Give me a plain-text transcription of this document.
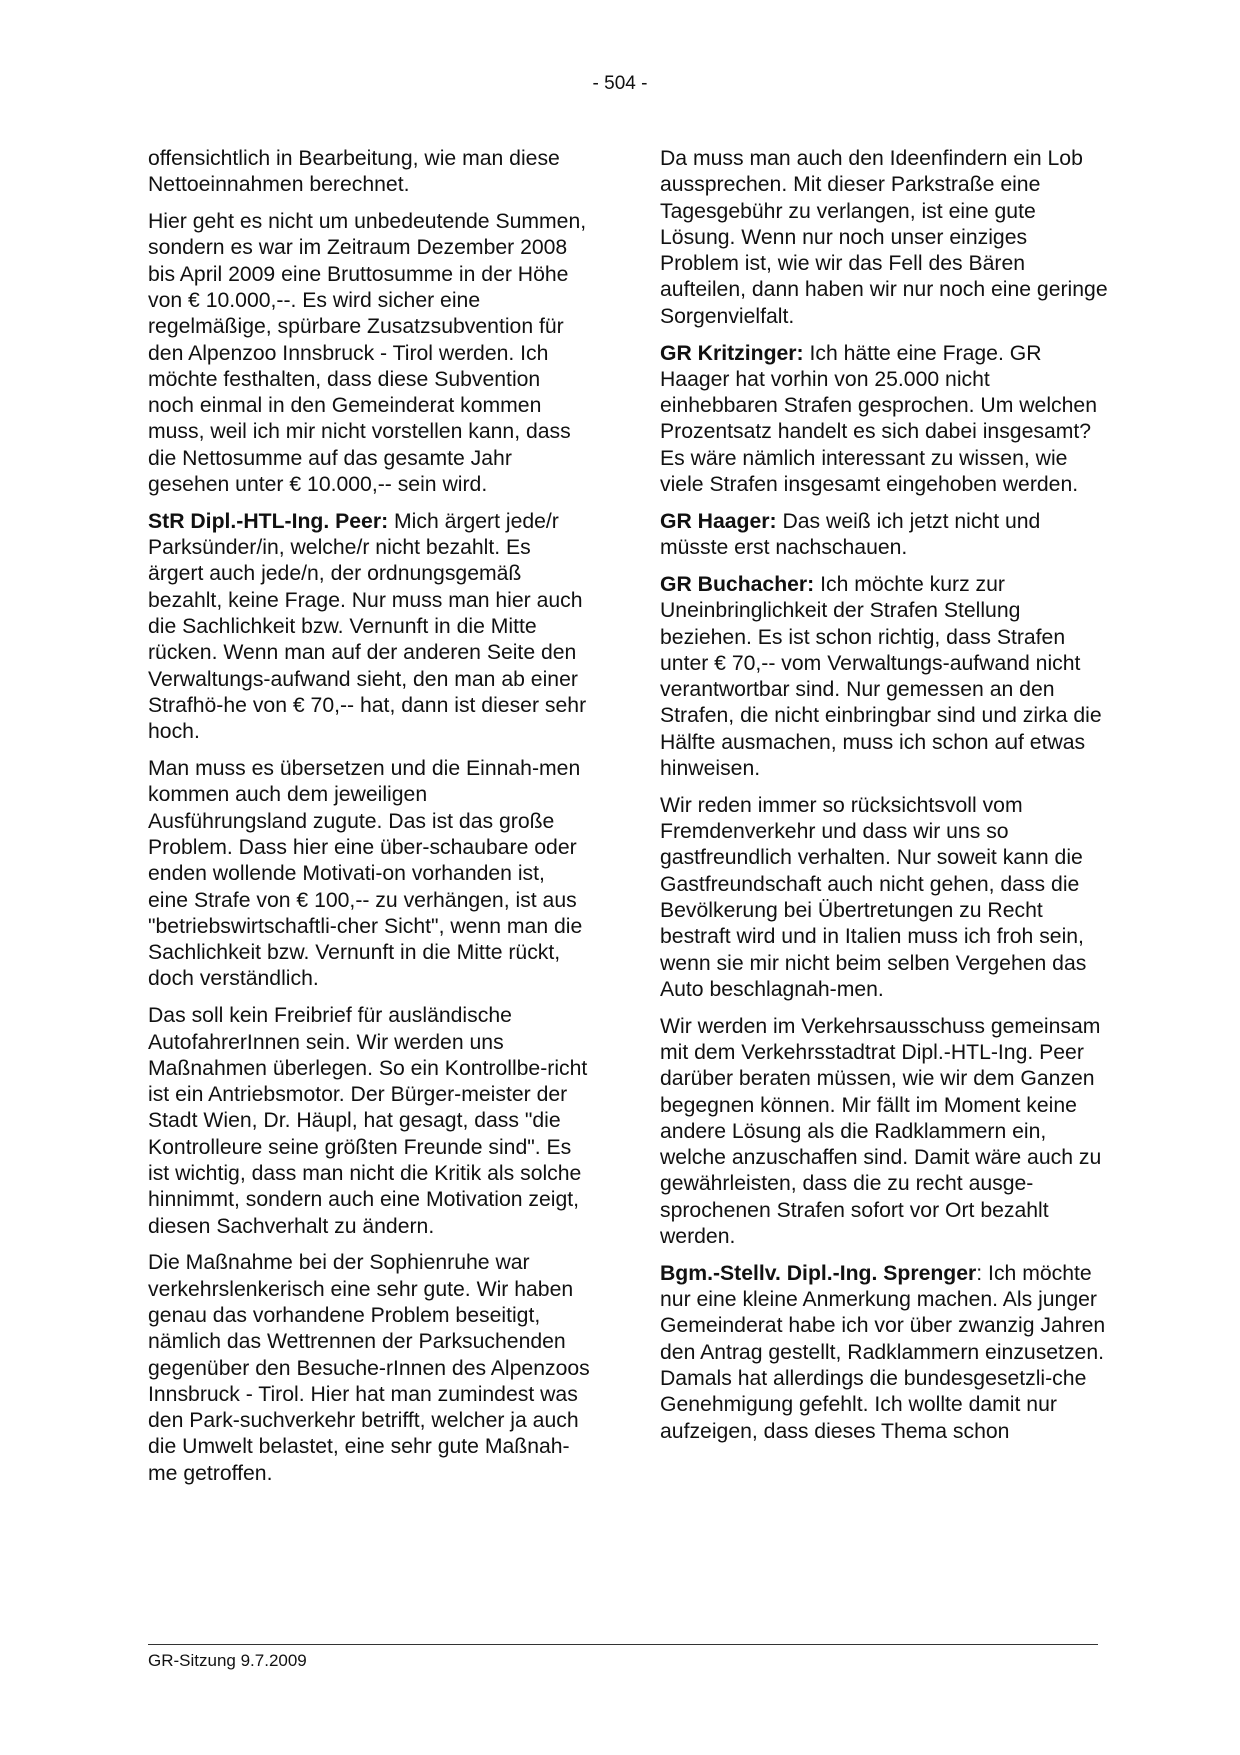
- 504 -

offensichtlich in Bearbeitung, wie man diese Nettoeinnahmen berechnet.

Hier geht es nicht um unbedeutende Summen, sondern es war im Zeitraum Dezember 2008 bis April 2009 eine Bruttosumme in der Höhe von € 10.000,--. Es wird sicher eine regelmäßige, spürbare Zusatzsubvention für den Alpenzoo Innsbruck - Tirol werden. Ich möchte festhalten, dass diese Subvention noch einmal in den Gemeinderat kommen muss, weil ich mir nicht vorstellen kann, dass die Nettosumme auf das gesamte Jahr gesehen unter € 10.000,-- sein wird.

StR Dipl.-HTL-Ing. Peer: Mich ärgert jede/r Parksünder/in, welche/r nicht bezahlt. Es ärgert auch jede/n, der ordnungsgemäß bezahlt, keine Frage. Nur muss man hier auch die Sachlichkeit bzw. Vernunft in die Mitte rücken. Wenn man auf der anderen Seite den Verwaltungs-aufwand sieht, den man ab einer Strafhö-he von € 70,-- hat, dann ist dieser sehr hoch.

Man muss es übersetzen und die Einnah-men kommen auch dem jeweiligen Ausführungsland zugute. Das ist das große Problem. Dass hier eine über-schaubare oder enden wollende Motivati-on vorhanden ist, eine Strafe von € 100,-- zu verhängen, ist aus "betriebswirtschaftli-cher Sicht", wenn man die Sachlichkeit bzw. Vernunft in die Mitte rückt, doch verständlich.

Das soll kein Freibrief für ausländische AutofahrerInnen sein. Wir werden uns Maßnahmen überlegen. So ein Kontrollbe-richt ist ein Antriebsmotor. Der Bürger-meister der Stadt Wien, Dr. Häupl, hat gesagt, dass "die Kontrolleure seine größten Freunde sind". Es ist wichtig, dass man nicht die Kritik als solche hinnimmt, sondern auch eine Motivation zeigt, diesen Sachverhalt zu ändern.

Die Maßnahme bei der Sophienruhe war verkehrslenkerisch eine sehr gute. Wir haben genau das vorhandene Problem beseitigt, nämlich das Wettrennen der Parksuchenden gegenüber den Besuche-rInnen des Alpenzoos Innsbruck - Tirol. Hier hat man zumindest was den Park-suchverkehr betrifft, welcher ja auch die Umwelt belastet, eine sehr gute Maßnah-me getroffen.

Da muss man auch den Ideenfindern ein Lob aussprechen. Mit dieser Parkstraße eine Tagesgebühr zu verlangen, ist eine gute Lösung. Wenn nur noch unser einziges Problem ist, wie wir das Fell des Bären aufteilen, dann haben wir nur noch eine geringe Sorgenvielfalt.

GR Kritzinger: Ich hätte eine Frage. GR Haager hat vorhin von 25.000 nicht einhebbaren Strafen gesprochen. Um welchen Prozentsatz handelt es sich dabei insgesamt? Es wäre nämlich interessant zu wissen, wie viele Strafen insgesamt eingehoben werden.

GR Haager: Das weiß ich jetzt nicht und müsste erst nachschauen.

GR Buchacher: Ich möchte kurz zur Uneinbringlichkeit der Strafen Stellung beziehen. Es ist schon richtig, dass Strafen unter € 70,-- vom Verwaltungs-aufwand nicht verantwortbar sind. Nur gemessen an den Strafen, die nicht einbringbar sind und zirka die Hälfte ausmachen, muss ich schon auf etwas hinweisen.

Wir reden immer so rücksichtsvoll vom Fremdenverkehr und dass wir uns so gastfreundlich verhalten. Nur soweit kann die Gastfreundschaft auch nicht gehen, dass die Bevölkerung bei Übertretungen zu Recht bestraft wird und in Italien muss ich froh sein, wenn sie mir nicht beim selben Vergehen das Auto beschlagnah-men.

Wir werden im Verkehrsausschuss gemeinsam mit dem Verkehrsstadtrat Dipl.-HTL-Ing. Peer darüber beraten müssen, wie wir dem Ganzen begegnen können. Mir fällt im Moment keine andere Lösung als die Radklammern ein, welche anzuschaffen sind. Damit wäre auch zu gewährleisten, dass die zu recht ausge-sprochenen Strafen sofort vor Ort bezahlt werden.

Bgm.-Stellv. Dipl.-Ing. Sprenger: Ich möchte nur eine kleine Anmerkung machen. Als junger Gemeinderat habe ich vor über zwanzig Jahren den Antrag gestellt, Radklammern einzusetzen. Damals hat allerdings die bundesgesetzli-che Genehmigung gefehlt. Ich wollte damit nur aufzeigen, dass dieses Thema schon

GR-Sitzung 9.7.2009
